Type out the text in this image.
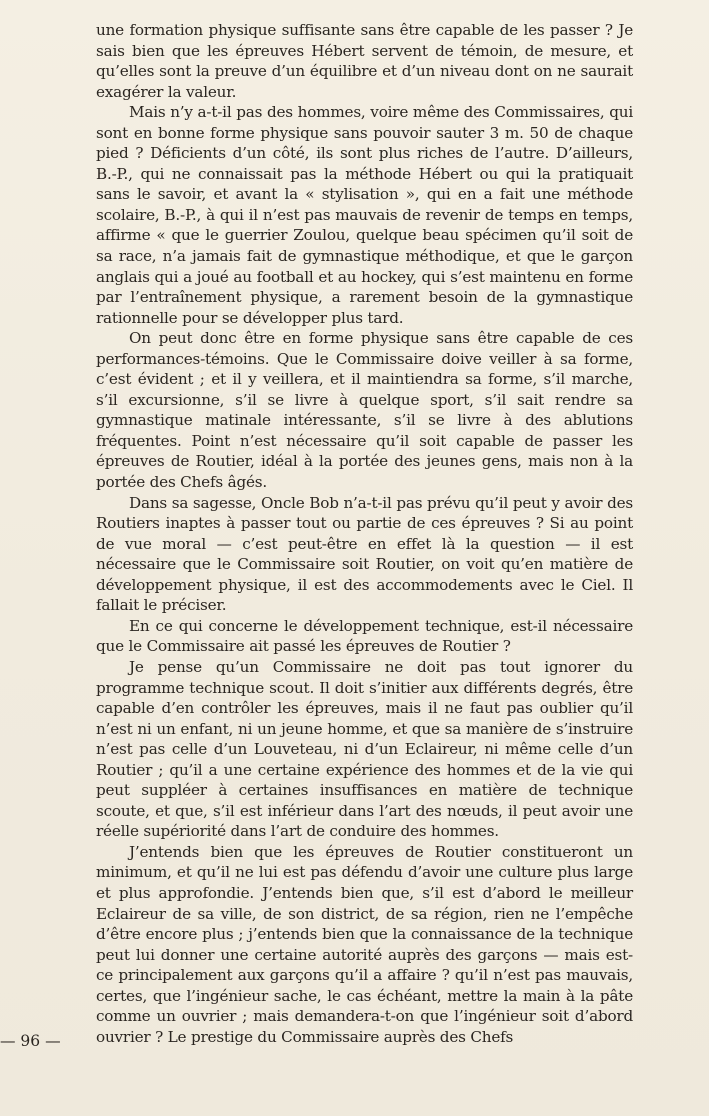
une formation physique suffisante sans être capable de les passer ? Je sais bien que les épreuves Hébert servent de témoin, de mesure, et qu’elles sont la preuve d’un équilibre et d’un niveau dont on ne saurait exagérer la valeur.

Mais n’y a-t-il pas des hommes, voire même des Commissaires, qui sont en bonne forme physique sans pouvoir sauter 3 m. 50 de chaque pied ? Déficients d’un côté, ils sont plus riches de l’autre. D’ailleurs, B.-P., qui ne connaissait pas la méthode Hébert ou qui la pratiquait sans le savoir, et avant la « stylisation », qui en a fait une méthode scolaire, B.-P., à qui il n’est pas mauvais de revenir de temps en temps, affirme « que le guerrier Zoulou, quelque beau spécimen qu’il soit de sa race, n’a jamais fait de gymnastique méthodique, et que le garçon anglais qui a joué au football et au hockey, qui s’est maintenu en forme par l’entraînement physique, a rarement besoin de la gymnastique rationnelle pour se développer plus tard.

On peut donc être en forme physique sans être capable de ces performances-témoins. Que le Commissaire doive veiller à sa forme, c’est évident ; et il y veillera, et il maintiendra sa forme, s’il marche, s’il excursionne, s’il se livre à quelque sport, s’il sait rendre sa gymnastique matinale intéressante, s’il se livre à des ablutions fréquentes. Point n’est nécessaire qu’il soit capable de passer les épreuves de Routier, idéal à la portée des jeunes gens, mais non à la portée des Chefs âgés.

Dans sa sagesse, Oncle Bob n’a-t-il pas prévu qu’il peut y avoir des Routiers inaptes à passer tout ou partie de ces épreuves ? Si au point de vue moral — c’est peut-être en effet là la question — il est nécessaire que le Commissaire soit Routier, on voit qu’en matière de développement physique, il est des accommodements avec le Ciel. Il fallait le préciser.

En ce qui concerne le développement technique, est-il nécessaire que le Commissaire ait passé les épreuves de Routier ?

Je pense qu’un Commissaire ne doit pas tout ignorer du programme technique scout. Il doit s’initier aux différents degrés, être capable d’en contrôler les épreuves, mais il ne faut pas oublier qu’il n’est ni un enfant, ni un jeune homme, et que sa manière de s’instruire n’est pas celle d’un Louveteau, ni d’un Eclaireur, ni même celle d’un Routier ; qu’il a une certaine expérience des hommes et de la vie qui peut suppléer à certaines insuffisances en matière de technique scoute, et que, s’il est inférieur dans l’art des nœuds, il peut avoir une réelle supériorité dans l’art de conduire des hommes.

J’entends bien que les épreuves de Routier constitueront un minimum, et qu’il ne lui est pas défendu d’avoir une culture plus large et plus approfondie. J’entends bien que, s’il est d’abord le meilleur Eclaireur de sa ville, de son district, de sa région, rien ne l’empêche d’être encore plus ; j’entends bien que la connaissance de la technique peut lui donner une certaine autorité auprès des garçons — mais est-ce principalement aux garçons qu’il a affaire ? qu’il n’est pas mauvais, certes, que l’ingénieur sache, le cas échéant, mettre la main à la pâte comme un ouvrier ; mais demandera-t-on que l’ingénieur soit d’abord ouvrier ? Le prestige du Commissaire auprès des Chefs

— 96 —
